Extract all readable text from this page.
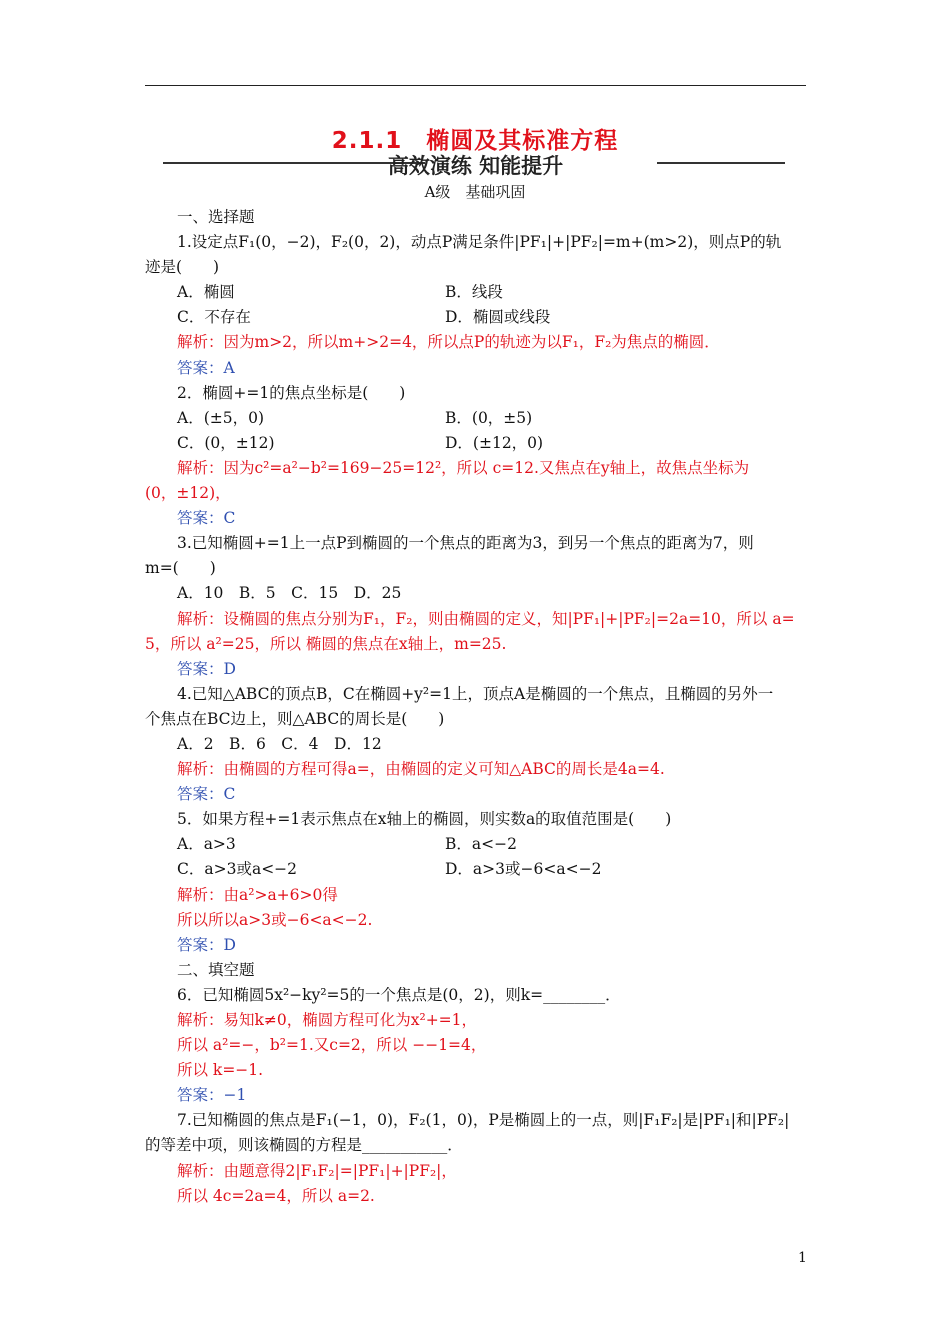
2.1.1　椭圆及其标准方程
高效演练 知能提升
A级　基础巩固

一、选择题

1.设定点F₁(0，−2)，F₂(0，2)，动点P满足条件|PF₁|+|PF₂|=m+(m>2)，则点P的轨

迹是(　　)

A．椭圆	B．线段
C．不存在	D．椭圆或线段

解析：因为m>2，所以m+>2=4，所以点P的轨迹为以F₁，F₂为焦点的椭圆．

答案：A

2．椭圆+=1的焦点坐标是(　　)

A．(±5，0)	B．(0，±5)
C．(0，±12)	D．(±12，0)

解析：因为c²=a²−b²=169−25=12²，所以 c=12.又焦点在y轴上，故焦点坐标为

(0，±12)，

答案：C

3.已知椭圆+=1上一点P到椭圆的一个焦点的距离为3，到另一个焦点的距离为7，则

m=(　　)

A．10　B．5　C．15　D．25

解析：设椭圆的焦点分别为F₁，F₂，则由椭圆的定义，知|PF₁|+|PF₂|=2a=10，所以 a=

5，所以 a²=25，所以 椭圆的焦点在x轴上，m=25.

答案：D

4.已知△ABC的顶点B，C在椭圆+y²=1上，顶点A是椭圆的一个焦点，且椭圆的另外一

个焦点在BC边上，则△ABC的周长是(　　)

A．2　B．6　C．4　D．12

解析：由椭圆的方程可得a=，由椭圆的定义可知△ABC的周长是4a=4.

答案：C

5．如果方程+=1表示焦点在x轴上的椭圆，则实数a的取值范围是(　　)

A．a>3	B．a<−2
C．a>3或a<−2	D．a>3或−6<a<−2

解析：由a²>a+6>0得

所以所以a>3或−6<a<−2.

答案：D

二、填空题

6．已知椭圆5x²−ky²=5的一个焦点是(0，2)，则k=________．

解析：易知k≠0，椭圆方程可化为x²+=1，

所以 a²=−，b²=1.又c=2，所以 −−1=4，

所以 k=−1.

答案：−1

7.已知椭圆的焦点是F₁(−1，0)，F₂(1，0)，P是椭圆上的一点，则|F₁F₂|是|PF₁|和|PF₂|

的等差中项，则该椭圆的方程是___________．

解析：由题意得2|F₁F₂|=|PF₁|+|PF₂|，

所以 4c=2a=4，所以 a=2.

1
